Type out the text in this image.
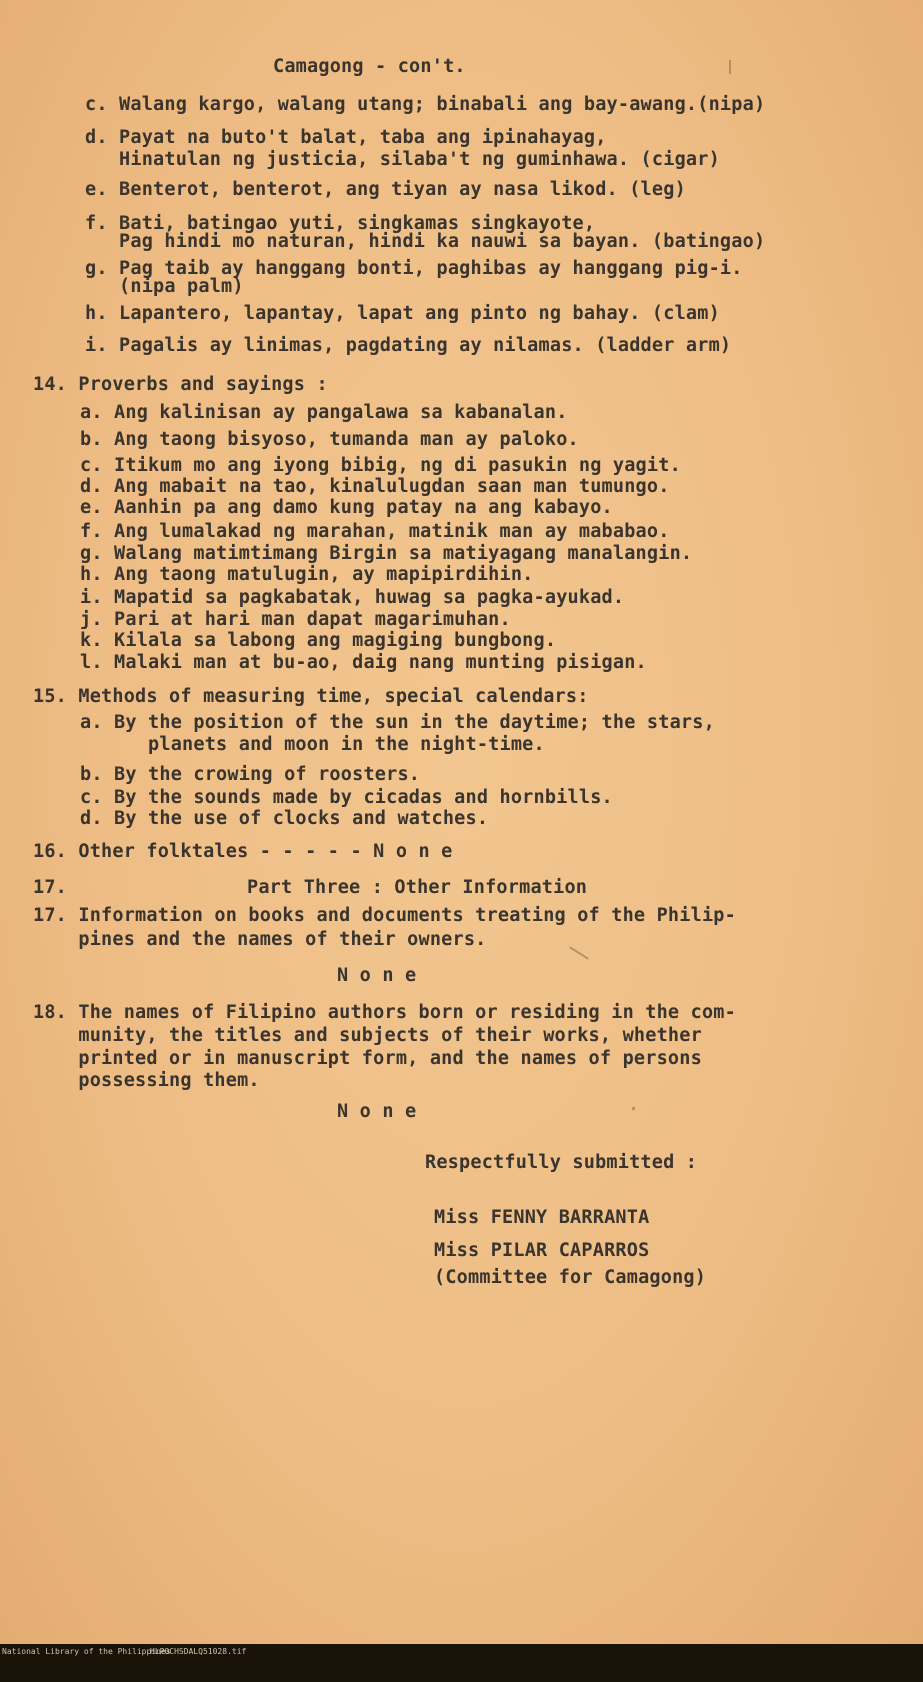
Camagong - con't.
c. Walang kargo, walang utang; binabali ang bay-awang.(nipa)
d. Payat na buto't balat, taba ang ipinahayag,
Hinatulan ng justicia, silaba't ng guminhawa. (cigar)
e. Benterot, benterot, ang tiyan ay nasa likod. (leg)
f. Bati, batingao yuti, singkamas singkayote,
Pag hindi mo naturan, hindi ka nauwi sa bayan. (batingao)
g. Pag taib ay hanggang bonti, paghibas ay hanggang pig-i.
(nipa palm)
h. Lapantero, lapantay, lapat ang pinto ng bahay. (clam)
i. Pagalis ay linimas, pagdating ay nilamas. (ladder arm)
14. Proverbs and sayings :
a. Ang kalinisan ay pangalawa sa kabanalan.
b. Ang taong bisyoso, tumanda man ay paloko.
c. Itikum mo ang iyong bibig, ng di pasukin ng yagit.
d. Ang mabait na tao, kinalulugdan saan man tumungo.
e. Aanhin pa ang damo kung patay na ang kabayo.
f. Ang lumalakad ng marahan, matinik man ay mababao.
g. Walang matimtimang Birgin sa matiyagang manalangin.
h. Ang taong matulugin, ay mapipirdihin.
i. Mapatid sa pagkabatak, huwag sa pagka-ayukad.
j. Pari at hari man dapat magarimuhan.
k. Kilala sa labong ang magiging bungbong.
l. Malaki man at bu-ao, daig nang munting pisigan.
15. Methods of measuring time, special calendars:
a. By the position of the sun in the daytime; the stars,
planets and moon in the night-time.
b. By the crowing of roosters.
c. By the sounds made by cicadas and hornbills.
d. By the use of clocks and watches.
16. Other folktales - - - - - N o n e
17.	Part Three : Other Information
17. Information on books and documents treating of the Philip-
pines and the names of their owners.
N o n e
18. The names of Filipino authors born or residing in the com-
munity, the titles and subjects of their works, whether
printed or in manuscript form, and the names of persons
possessing them.
N o n e
Respectfully submitted :
Miss FENNY BARRANTA
Miss PILAR CAPARROS
(Committee for Camagong)

National Library of the Philippines

HLPOCHSDALQ51028.tif
